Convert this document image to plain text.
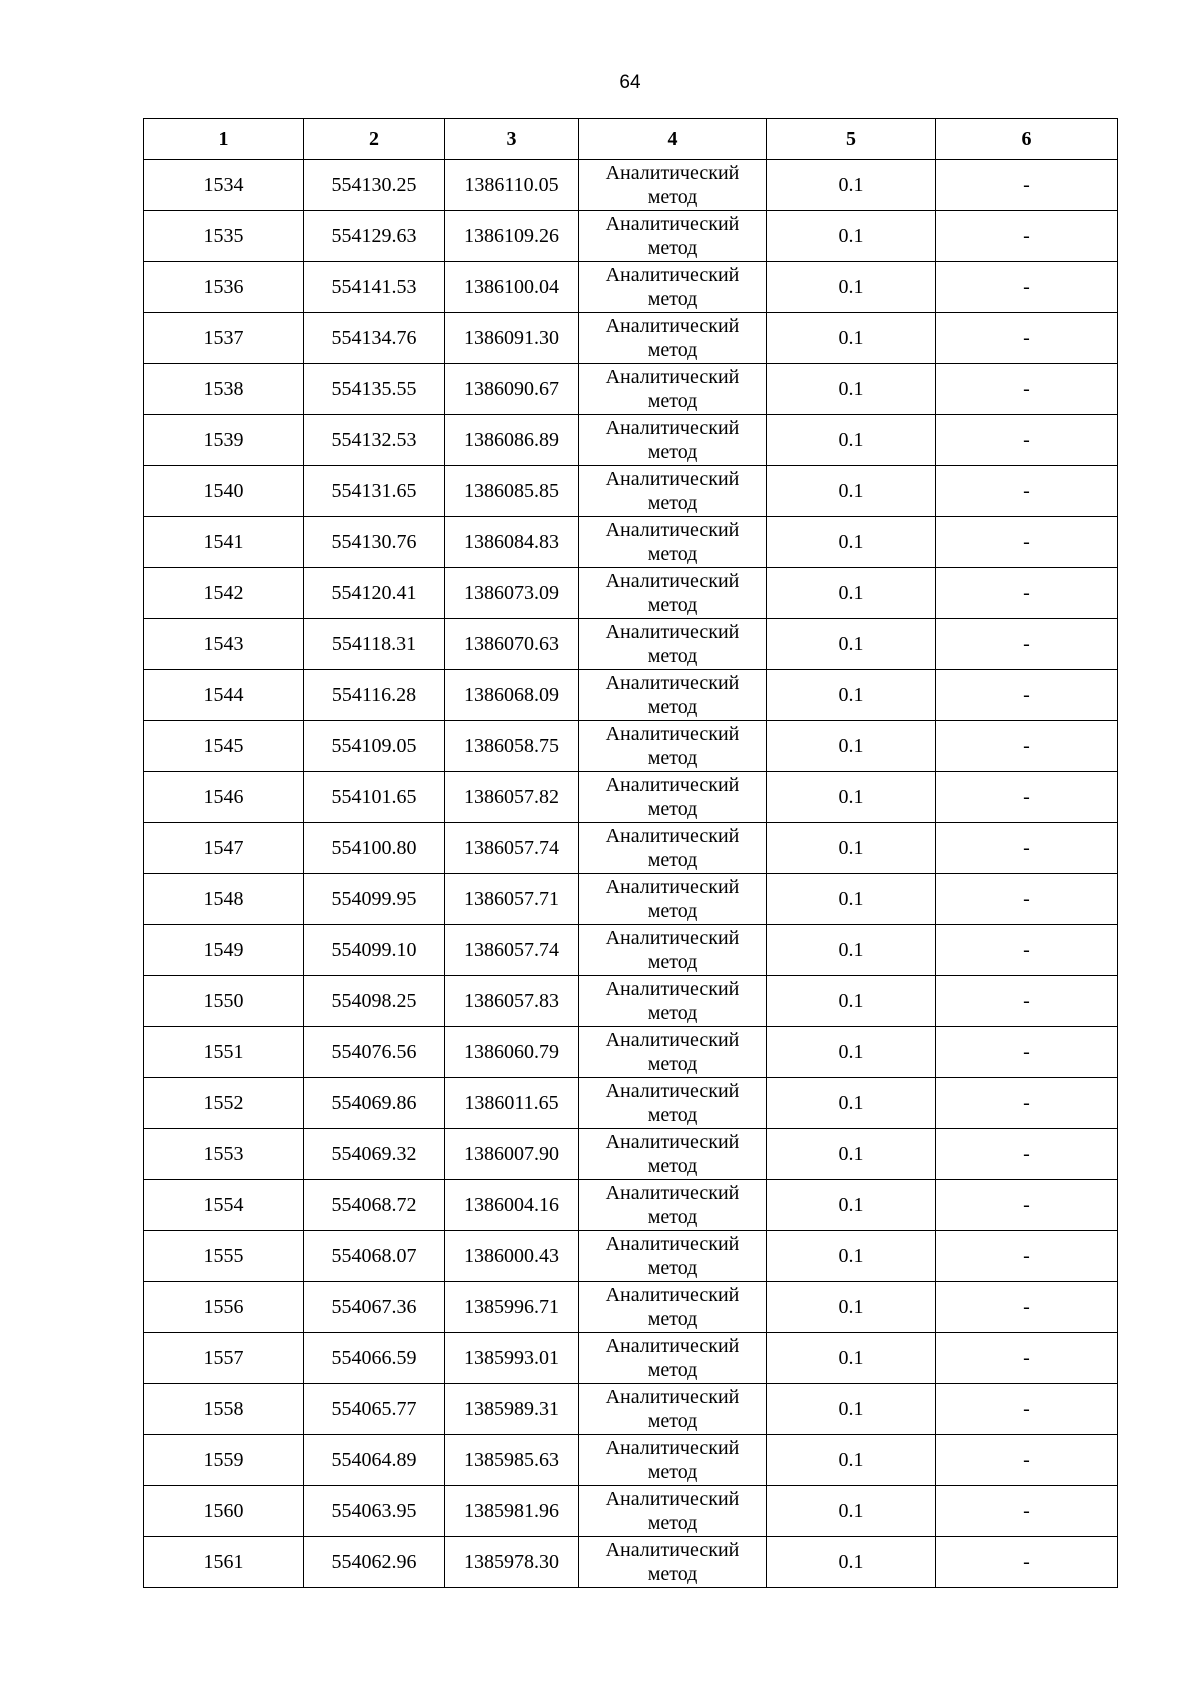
64
1	2	3	4	5	6
1534	554130.25	1386110.05	Аналитический
метод	0.1	-
1535	554129.63	1386109.26	Аналитический
метод	0.1	-
1536	554141.53	1386100.04	Аналитический
метод	0.1	-
1537	554134.76	1386091.30	Аналитический
метод	0.1	-
1538	554135.55	1386090.67	Аналитический
метод	0.1	-
1539	554132.53	1386086.89	Аналитический
метод	0.1	-
1540	554131.65	1386085.85	Аналитический
метод	0.1	-
1541	554130.76	1386084.83	Аналитический
метод	0.1	-
1542	554120.41	1386073.09	Аналитический
метод	0.1	-
1543	554118.31	1386070.63	Аналитический
метод	0.1	-
1544	554116.28	1386068.09	Аналитический
метод	0.1	-
1545	554109.05	1386058.75	Аналитический
метод	0.1	-
1546	554101.65	1386057.82	Аналитический
метод	0.1	-
1547	554100.80	1386057.74	Аналитический
метод	0.1	-
1548	554099.95	1386057.71	Аналитический
метод	0.1	-
1549	554099.10	1386057.74	Аналитический
метод	0.1	-
1550	554098.25	1386057.83	Аналитический
метод	0.1	-
1551	554076.56	1386060.79	Аналитический
метод	0.1	-
1552	554069.86	1386011.65	Аналитический
метод	0.1	-
1553	554069.32	1386007.90	Аналитический
метод	0.1	-
1554	554068.72	1386004.16	Аналитический
метод	0.1	-
1555	554068.07	1386000.43	Аналитический
метод	0.1	-
1556	554067.36	1385996.71	Аналитический
метод	0.1	-
1557	554066.59	1385993.01	Аналитический
метод	0.1	-
1558	554065.77	1385989.31	Аналитический
метод	0.1	-
1559	554064.89	1385985.63	Аналитический
метод	0.1	-
1560	554063.95	1385981.96	Аналитический
метод	0.1	-
1561	554062.96	1385978.30	Аналитический
метод	0.1	-
